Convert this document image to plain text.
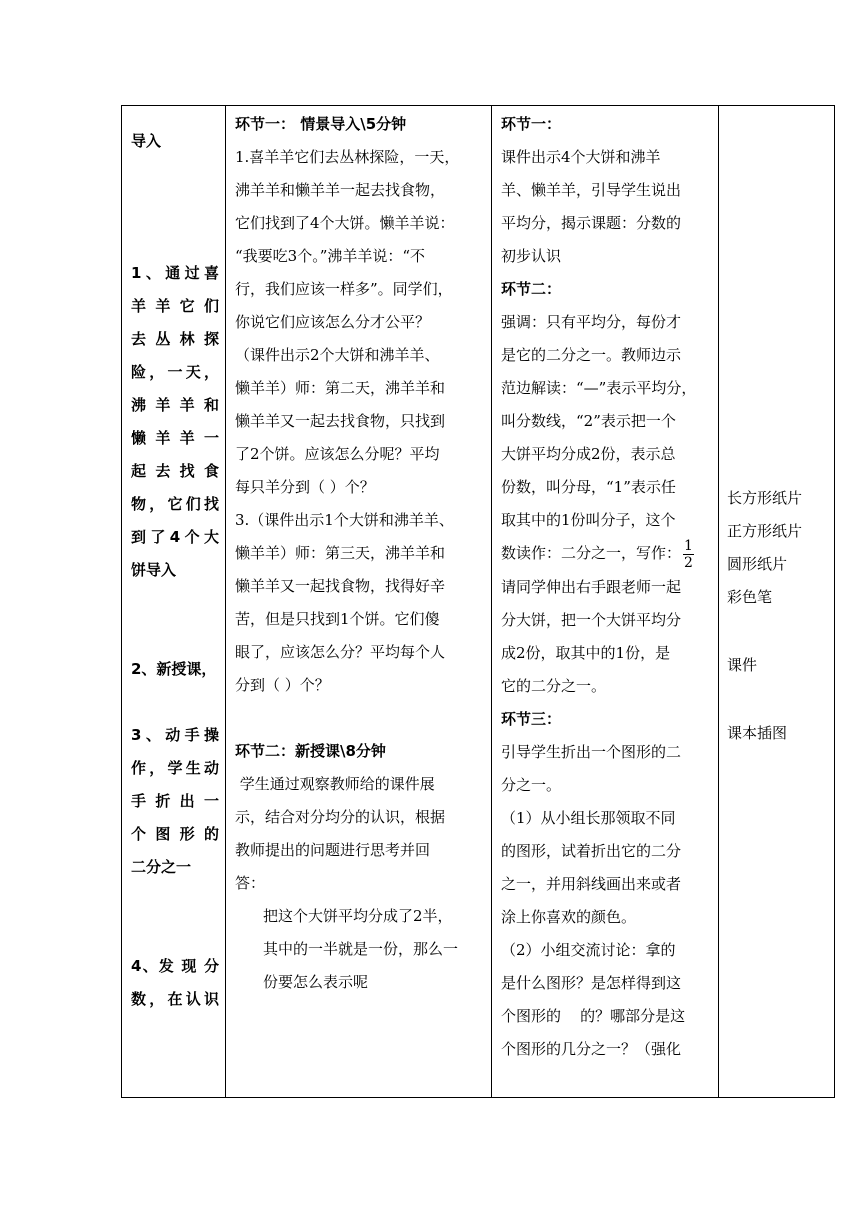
导入
1、通过喜
羊 羊 它 们
去 丛 林 探
险，一天，
沸 羊 羊 和
懒 羊 羊 一
起 去 找 食
物，它们找
到了4个大
饼导入
2、新授课，
3、动手操
作，学生动
手 折 出 一
个 图 形 的
二分之一
4、发 现 分
数，在认识

环节一： 情景导入\5分钟
1.喜羊羊它们去丛林探险，一天，
沸羊羊和懒羊羊一起去找食物，
它们找到了4个大饼。懒羊羊说：
“我要吃3个。”沸羊羊说：“不
行，我们应该一样多”。同学们，
你说它们应该怎么分才公平？
（课件出示2个大饼和沸羊羊、
懒羊羊）师：第二天，沸羊羊和
懒羊羊又一起去找食物，只找到
了2个饼。应该怎么分呢？平均
每只羊分到（ ）个？
3.（课件出示1个大饼和沸羊羊、
懒羊羊）师：第三天，沸羊羊和
懒羊羊又一起找食物，找得好辛
苦，但是只找到1个饼。它们傻
眼了，应该怎么分？平均每个人
分到（ ）个？
环节二：新授课\8分钟
学生通过观察教师给的课件展
示，结合对分均分的认识，根据
教师提出的问题进行思考并回
答：
把这个大饼平均分成了2半，
其中的一半就是一份，那么一
份要怎么表示呢

环节一：
课件出示4个大饼和沸羊
羊、懒羊羊，引导学生说出
平均分，揭示课题：分数的
初步认识
环节二：
强调：只有平均分，每份才
是它的二分之一。教师边示
范边解读：“—”表示平均分，
叫分数线，“2”表示把一个
大饼平均分成2份，表示总
份数，叫分母，“1”表示任
取其中的1份叫分子，这个
数读作：二分之一，写作： $\frac{1}{2}$
请同学伸出右手跟老师一起
分大饼，把一个大饼平均分
成2份，取其中的1份，是
它的二分之一。
环节三：
引导学生折出一个图形的二
分之一。
（1）从小组长那领取不同
的图形，试着折出它的二分
之一，并用斜线画出来或者
涂上你喜欢的颜色。
（2）小组交流讨论：拿的
是什么图形？是怎样得到这
个图形的    的？哪部分是这
个图形的几分之一？（强化

长方形纸片
正方形纸片
圆形纸片
彩色笔
课件
课本插图
